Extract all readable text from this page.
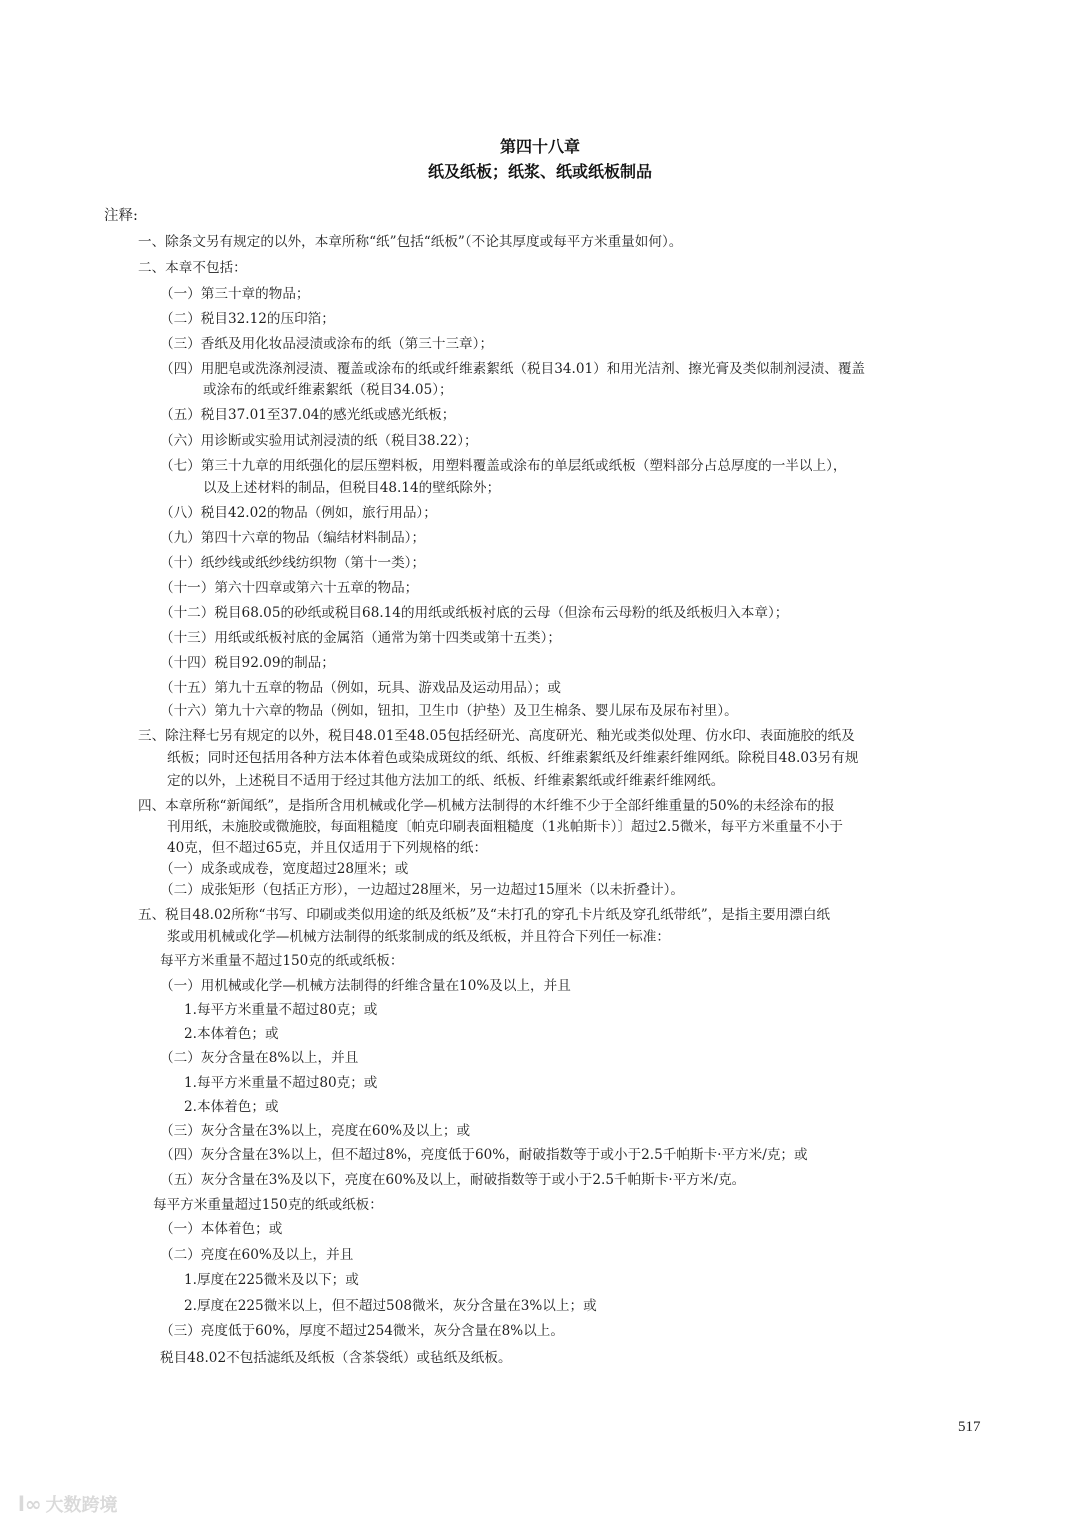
第四十八章
纸及纸板；纸浆、纸或纸板制品
注释:
一、除条文另有规定的以外，本章所称“纸”包括“纸板”（不论其厚度或每平方米重量如何）。
二、本章不包括：
（一）第三十章的物品；
（二）税目32.12的压印箔；
（三）香纸及用化妆品浸渍或涂布的纸（第三十三章）；
（四）用肥皂或洗涤剂浸渍、覆盖或涂布的纸或纤维素絮纸（税目34.01）和用光洁剂、擦光膏及类似制剂浸渍、覆盖
或涂布的纸或纤维素絮纸（税目34.05）；
（五）税目37.01至37.04的感光纸或感光纸板；
（六）用诊断或实验用试剂浸渍的纸（税目38.22）；
（七）第三十九章的用纸强化的层压塑料板，用塑料覆盖或涂布的单层纸或纸板（塑料部分占总厚度的一半以上），
以及上述材料的制品，但税目48.14的壁纸除外；
（八）税目42.02的物品（例如，旅行用品）；
（九）第四十六章的物品（编结材料制品）；
（十）纸纱线或纸纱线纺织物（第十一类）；
（十一）第六十四章或第六十五章的物品；
（十二）税目68.05的砂纸或税目68.14的用纸或纸板衬底的云母（但涂布云母粉的纸及纸板归入本章）；
（十三）用纸或纸板衬底的金属箔（通常为第十四类或第十五类）；
（十四）税目92.09的制品；
（十五）第九十五章的物品（例如，玩具、游戏品及运动用品）；或
（十六）第九十六章的物品（例如，钮扣，卫生巾（护垫）及卫生棉条、婴儿尿布及尿布衬里）。
三、除注释七另有规定的以外，税目48.01至48.05包括经研光、高度研光、釉光或类似处理、仿水印、表面施胶的纸及
纸板；同时还包括用各种方法本体着色或染成斑纹的纸、纸板、纤维素絮纸及纤维素纤维网纸。除税目48.03另有规
定的以外，上述税目不适用于经过其他方法加工的纸、纸板、纤维素絮纸或纤维素纤维网纸。
四、本章所称“新闻纸”，是指所含用机械或化学—机械方法制得的木纤维不少于全部纤维重量的50%的未经涂布的报
刊用纸，未施胶或微施胶，每面粗糙度〔帕克印刷表面粗糙度（1兆帕斯卡）〕超过2.5微米，每平方米重量不小于
40克，但不超过65克，并且仅适用于下列规格的纸：
（一）成条或成卷，宽度超过28厘米；或
（二）成张矩形（包括正方形），一边超过28厘米，另一边超过15厘米（以未折叠计）。
五、税目48.02所称“书写、印刷或类似用途的纸及纸板”及“未打孔的穿孔卡片纸及穿孔纸带纸”，是指主要用漂白纸
浆或用机械或化学—机械方法制得的纸浆制成的纸及纸板，并且符合下列任一标准：
每平方米重量不超过150克的纸或纸板：
（一）用机械或化学—机械方法制得的纤维含量在10%及以上，并且
1.每平方米重量不超过80克；或
2.本体着色；或
（二）灰分含量在8%以上，并且
1.每平方米重量不超过80克；或
2.本体着色；或
（三）灰分含量在3%以上，亮度在60%及以上；或
（四）灰分含量在3%以上，但不超过8%，亮度低于60%，耐破指数等于或小于2.5千帕斯卡·平方米/克；或
（五）灰分含量在3%及以下，亮度在60%及以上，耐破指数等于或小于2.5千帕斯卡·平方米/克。
每平方米重量超过150克的纸或纸板：
（一）本体着色；或
（二）亮度在60%及以上，并且
1.厚度在225微米及以下；或
2.厚度在225微米以上，但不超过508微米，灰分含量在3%以上；或
（三）亮度低于60%，厚度不超过254微米，灰分含量在8%以上。
税目48.02不包括滤纸及纸板（含茶袋纸）或毡纸及纸板。
517
l∞ 大数跨境
